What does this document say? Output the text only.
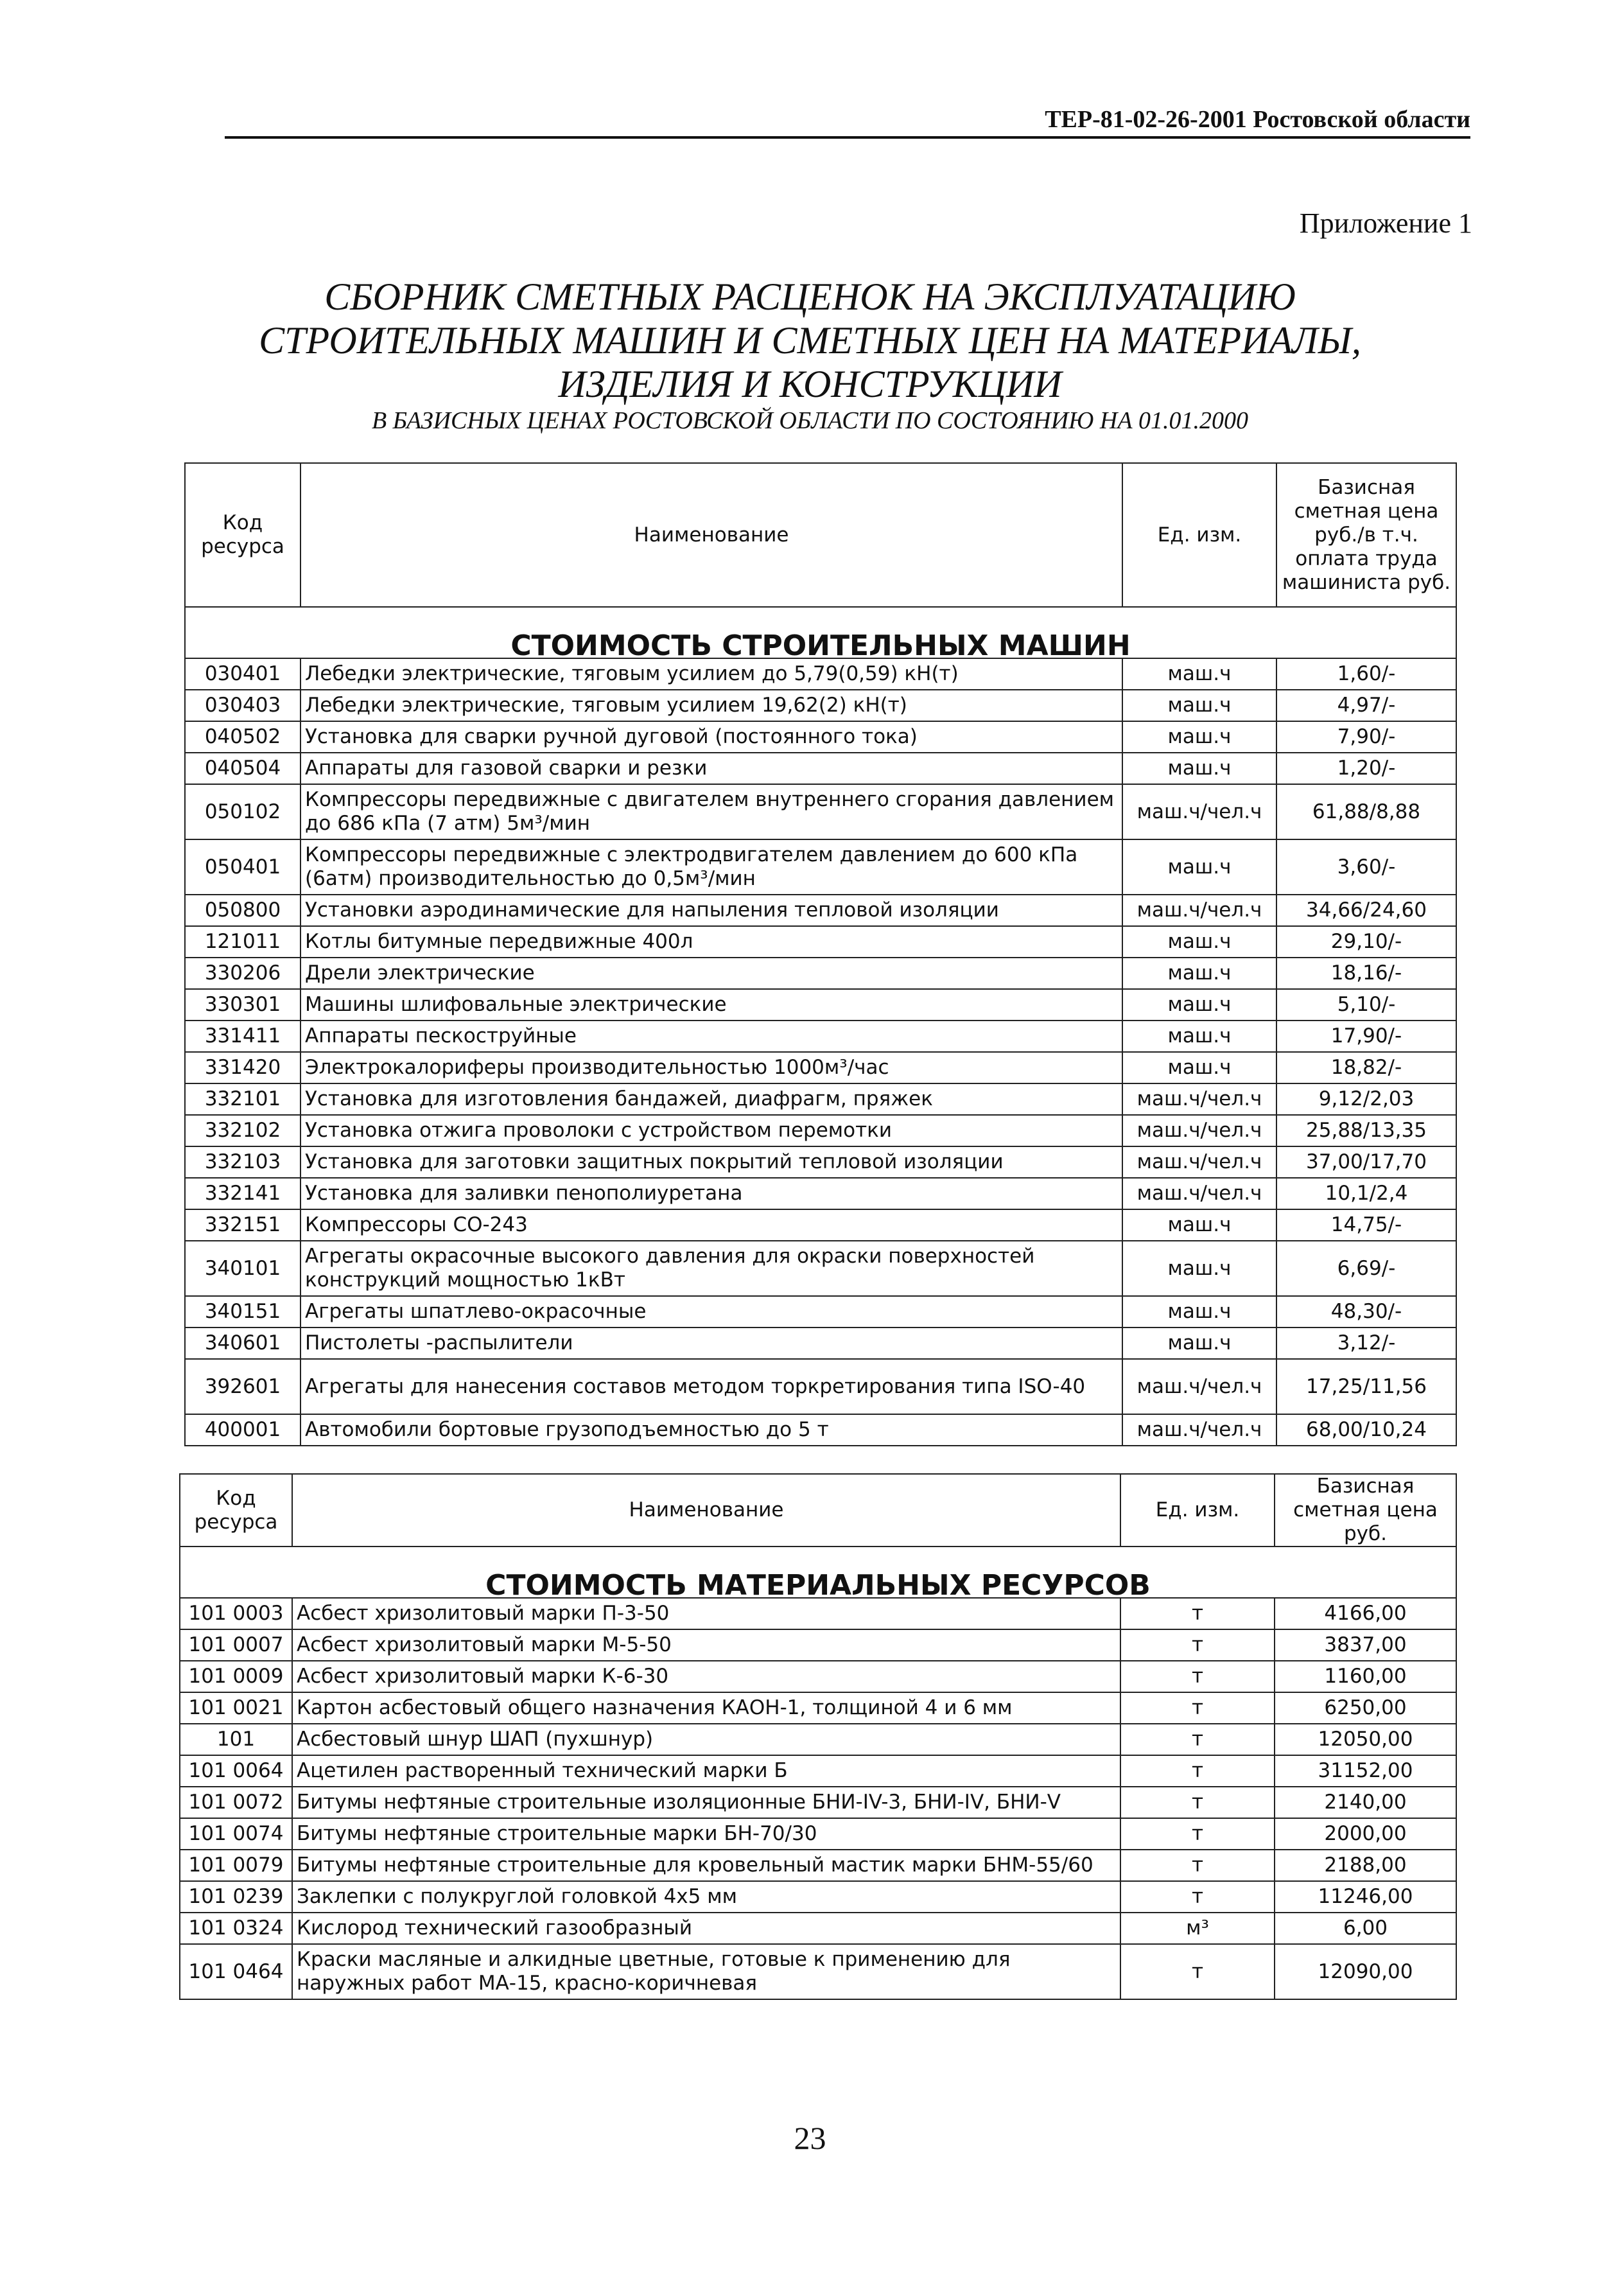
ТЕР-81-02-26-2001 Ростовской области
Приложение 1
СБОРНИК СМЕТНЫХ РАСЦЕНОК НА ЭКСПЛУАТАЦИЮ
СТРОИТЕЛЬНЫХ МАШИН И СМЕТНЫХ ЦЕН НА МАТЕРИАЛЫ,
ИЗДЕЛИЯ И КОНСТРУКЦИИ
В БАЗИСНЫХ ЦЕНАХ РОСТОВСКОЙ ОБЛАСТИ ПО СОСТОЯНИЮ НА 01.01.2000
Код ресурса	Наименование	Ед. изм.	Базисная сметная цена руб./в т.ч. оплата труда машиниста руб.
СТОИМОСТЬ СТРОИТЕЛЬНЫХ МАШИН			
030401	Лебедки электрические, тяговым усилием до 5,79(0,59) кН(т)	маш.ч	1,60/-
030403	Лебедки электрические, тяговым усилием 19,62(2) кН(т)	маш.ч	4,97/-
040502	Установка для сварки ручной дуговой (постоянного тока)	маш.ч	7,90/-
040504	Аппараты для газовой сварки и резки	маш.ч	1,20/-
050102	Компрессоры передвижные с двигателем внутреннего сгорания давлением до 686 кПа (7 атм) 5м³/мин	маш.ч/чел.ч	61,88/8,88
050401	Компрессоры передвижные с электродвигателем давлением до 600 кПа (6атм) производительностью до 0,5м³/мин	маш.ч	3,60/-
050800	Установки аэродинамические для напыления тепловой изоляции	маш.ч/чел.ч	34,66/24,60
121011	Котлы битумные передвижные 400л	маш.ч	29,10/-
330206	Дрели электрические	маш.ч	18,16/-
330301	Машины шлифовальные электрические	маш.ч	5,10/-
331411	Аппараты пескоструйные	маш.ч	17,90/-
331420	Электрокалориферы производительностью 1000м³/час	маш.ч	18,82/-
332101	Установка для изготовления бандажей, диафрагм, пряжек	маш.ч/чел.ч	9,12/2,03
332102	Установка отжига проволоки с устройством перемотки	маш.ч/чел.ч	25,88/13,35
332103	Установка для заготовки защитных покрытий тепловой изоляции	маш.ч/чел.ч	37,00/17,70
332141	Установка для заливки пенополиуретана	маш.ч/чел.ч	10,1/2,4
332151	Компрессоры СО-243	маш.ч	14,75/-
340101	Агрегаты окрасочные высокого давления для окраски поверхностей конструкций мощностью 1кВт	маш.ч	6,69/-
340151	Агрегаты шпатлево-окрасочные	маш.ч	48,30/-
340601	Пистолеты -распылители	маш.ч	3,12/-
392601	Агрегаты для нанесения составов методом торкретирования типа ISO-40	маш.ч/чел.ч	17,25/11,56
400001	Автомобили бортовые грузоподъемностью до 5 т	маш.ч/чел.ч	68,00/10,24
Код ресурса	Наименование	Ед. изм.	Базисная сметная цена руб.
СТОИМОСТЬ МАТЕРИАЛЬНЫХ РЕСУРСОВ			
101 0003	Асбест хризолитовый марки П-3-50	т	4166,00
101 0007	Асбест хризолитовый марки М-5-50	т	3837,00
101 0009	Асбест хризолитовый марки К-6-30	т	1160,00
101 0021	Картон асбестовый общего назначения КАОН-1, толщиной 4 и 6 мм	т	6250,00
101	Асбестовый шнур ШАП (пухшнур)	т	12050,00
101 0064	Ацетилен растворенный технический марки Б	т	31152,00
101 0072	Битумы нефтяные строительные изоляционные БНИ-IV-3, БНИ-IV, БНИ-V	т	2140,00
101 0074	Битумы нефтяные строительные марки БН-70/30	т	2000,00
101 0079	Битумы нефтяные строительные для кровельный мастик марки БНМ-55/60	т	2188,00
101 0239	Заклепки с полукруглой головкой 4х5 мм	т	11246,00
101 0324	Кислород технический газообразный	м³	6,00
101 0464	Краски масляные и алкидные цветные, готовые к применению для наружных работ МА-15, красно-коричневая	т	12090,00
23
